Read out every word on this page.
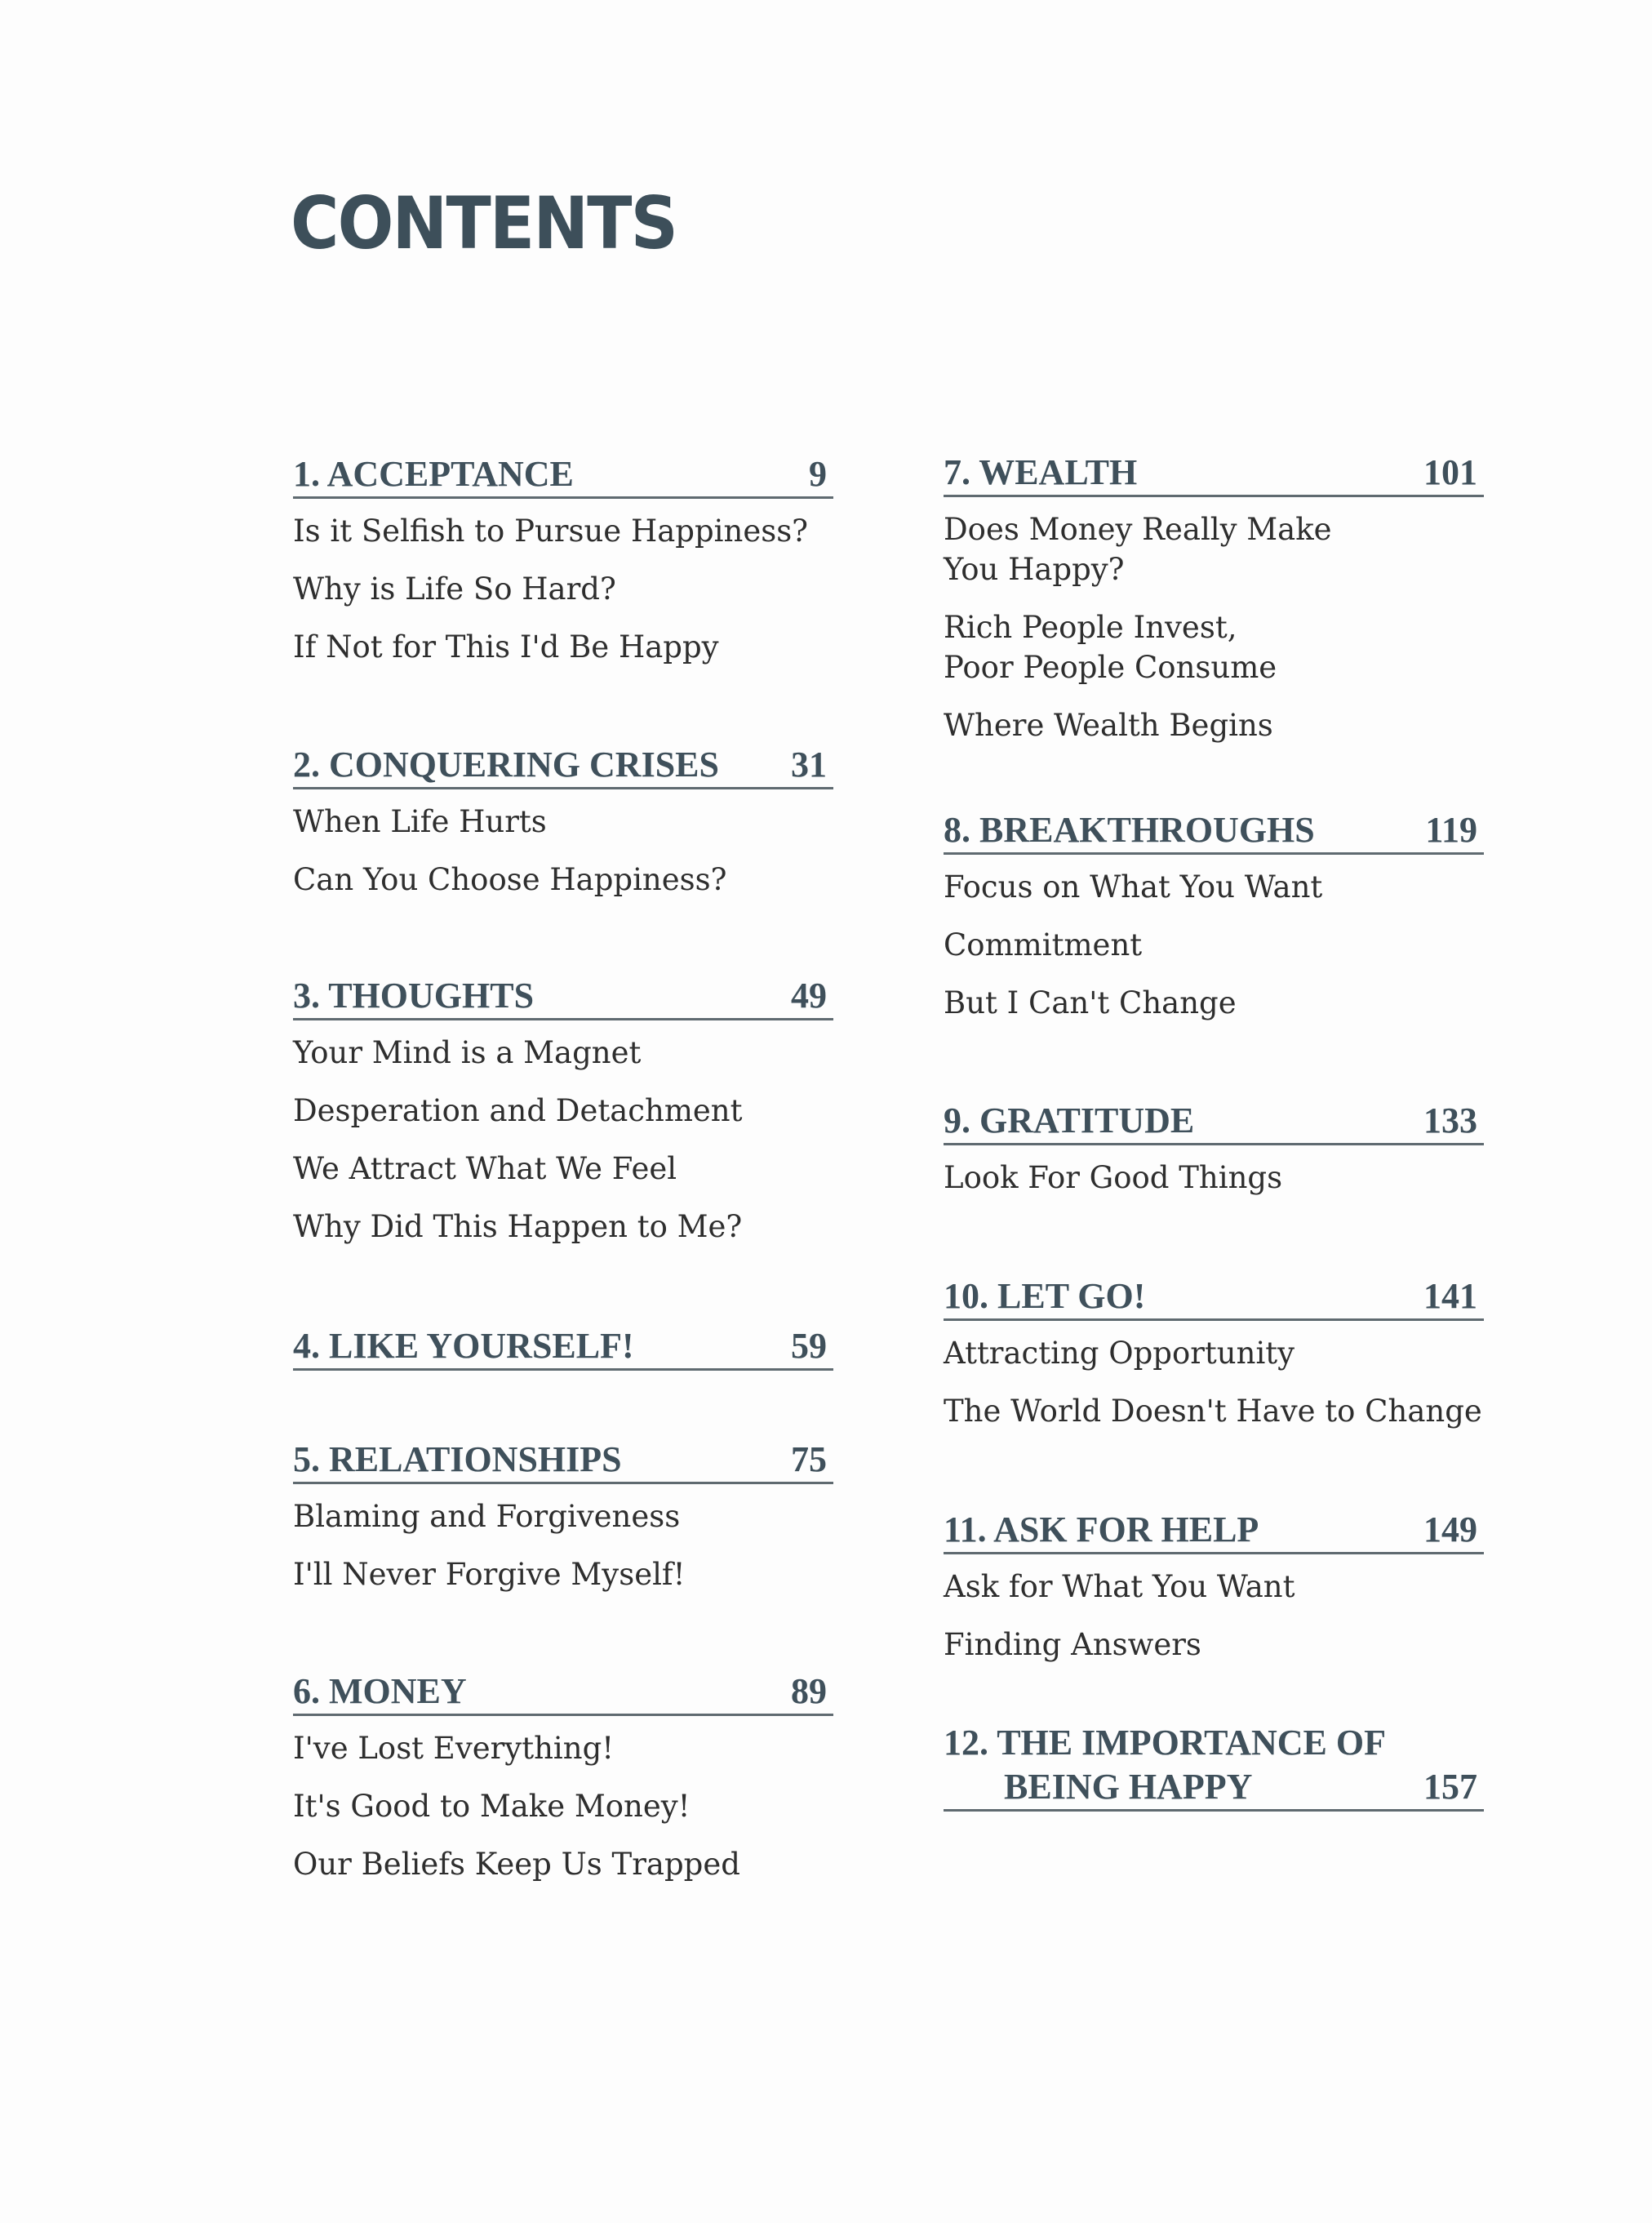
CONTENTS
1. ACCEPTANCE	9
Is it Selfish to Pursue Happiness?
Why is Life So Hard?
If Not for This I'd Be Happy
2. CONQUERING CRISES 31
When Life Hurts
Can You Choose Happiness?
3. THOUGHTS	49
Your Mind is a Magnet
Desperation and Detachment
We Attract What We Feel
Why Did This Happen to Me?
4. LIKE YOURSELF!	59
5. RELATIONSHIPS	75
Blaming and Forgiveness
I'll Never Forgive Myself!
6. MONEY	89
I've Lost Everything!
It's Good to Make Money!
Our Beliefs Keep Us Trapped
7. WEALTH	101
Does Money Really Make
You Happy?
Rich People Invest,
Poor People Consume
Where Wealth Begins
8. BREAKTHROUGHS	119
Focus on What You Want
Commitment
But I Can't Change
9. GRATITUDE	133
Look For Good Things
10. LET GO!	141
Attracting Opportunity
The World Doesn't Have to Change
11. ASK FOR HELP	149
Ask for What You Want
Finding Answers
12. THE IMPORTANCE OF
BEING HAPPY	157
